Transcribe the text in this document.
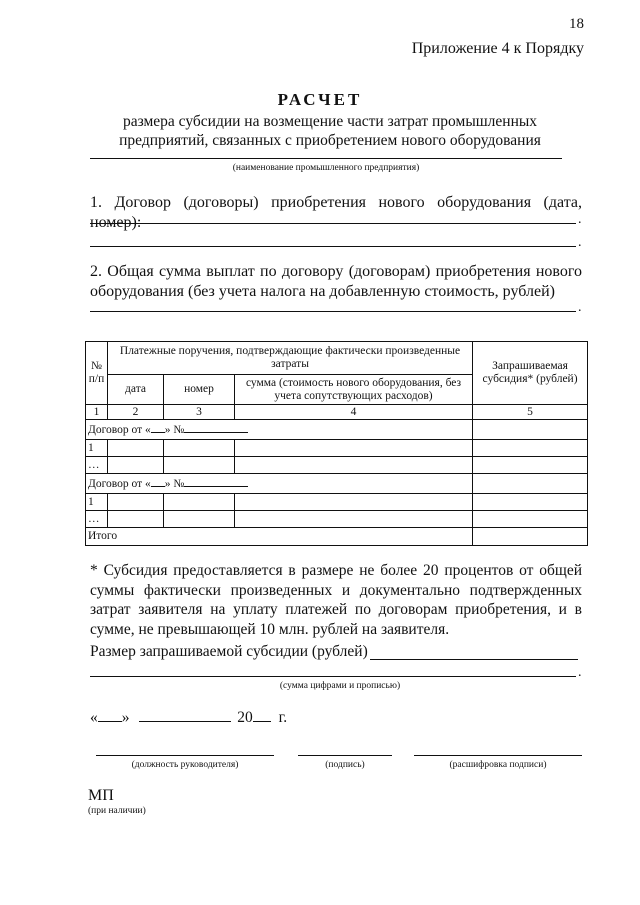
18
Приложение 4 к Порядку
РАСЧЕТ
размера субсидии на возмещение части затрат промышленных
предприятий, связанных с приобретением нового оборудования
(наименование промышленного предприятия)
1. Договор (договоры) приобретения нового оборудования (дата, номер):	.
.
2. Общая сумма выплат по договору (договорам) приобретения нового оборудования (без учета налога на добавленную стоимость, рублей)
.
№ п/п	Платежные поручения, подтверждающие фактически произведенные затраты			Запрашиваемая субсидия* (рублей)
	дата	номер	сумма (стоимость нового оборудования, без учета сопутствующих расходов)	
1	2	3	4	5
Договор от « » №				
1				
…				
Договор от « » №				
1				
…				
Итого				
* Субсидия предоставляется в размере не более 20 процентов от общей суммы фактически произведенных и документально подтвержденных затрат заявителя на уплату платежей по договорам приобретения, и в сумме, не превышающей 10 млн. рублей на заявителя.
Размер запрашиваемой субсидии (рублей)
.
(сумма цифрами и прописью)
« »	20 г.
(должность руководителя)	(подпись)	(расшифровка подписи)
МП
(при наличии)
